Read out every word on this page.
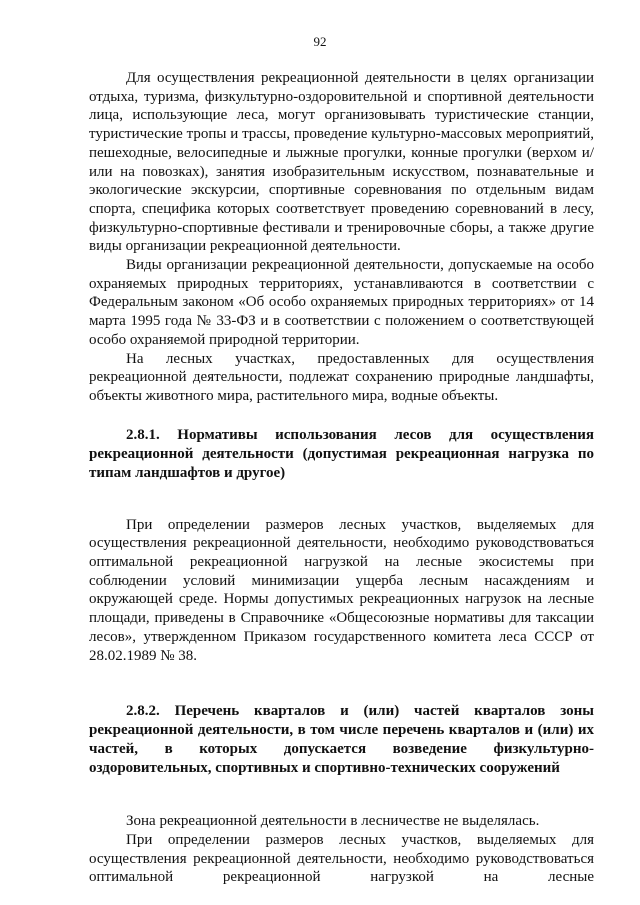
92

Для осуществления рекреационной деятельности в целях организации отдыха, туризма, физкультурно-оздоровительной и спортивной деятельности лица, использующие леса, могут организовывать туристические станции, туристические тропы и трассы, проведение культурно-массовых мероприятий, пешеходные, велосипедные и лыжные прогулки, конные прогулки (верхом и/или на повозках), занятия изобразительным искусством, познавательные и экологические экскурсии, спортивные соревнования по отдельным видам спорта, специфика которых соответствует проведению соревнований в лесу, физкультурно-спортивные фестивали и тренировочные сборы, а также другие виды организации рекреационной деятельности.

Виды организации рекреационной деятельности, допускаемые на особо охраняемых природных территориях, устанавливаются в соответствии с Федеральным законом «Об особо охраняемых природных территориях» от 14 марта 1995 года № 33-ФЗ и в соответствии с положением о соответствующей особо охраняемой природной территории.

На лесных участках, предоставленных для осуществления рекреационной деятельности, подлежат сохранению природные ландшафты, объекты животного мира, растительного мира, водные объекты.

2.8.1. Нормативы использования лесов для осуществления рекреационной деятельности (допустимая рекреационная нагрузка по типам ландшафтов и другое)

При определении размеров лесных участков, выделяемых для осуществления рекреационной деятельности, необходимо руководствоваться оптимальной рекреационной нагрузкой на лесные экосистемы при соблюдении условий минимизации ущерба лесным насаждениям и окружающей среде. Нормы допустимых рекреационных нагрузок на лесные площади, приведены в Справочнике «Общесоюзные нормативы для таксации лесов», утвержденном Приказом государственного комитета леса СССР от 28.02.1989 № 38.

2.8.2. Перечень кварталов и (или) частей кварталов зоны рекреационной деятельности, в том числе перечень кварталов и (или) их частей, в которых допускается возведение физкультурно-оздоровительных, спортивных и спортивно-технических сооружений

Зона рекреационной деятельности в лесничестве не выделялась.

При определении размеров лесных участков, выделяемых для осуществления рекреационной деятельности, необходимо руководствоваться оптимальной рекреационной нагрузкой на лесные
